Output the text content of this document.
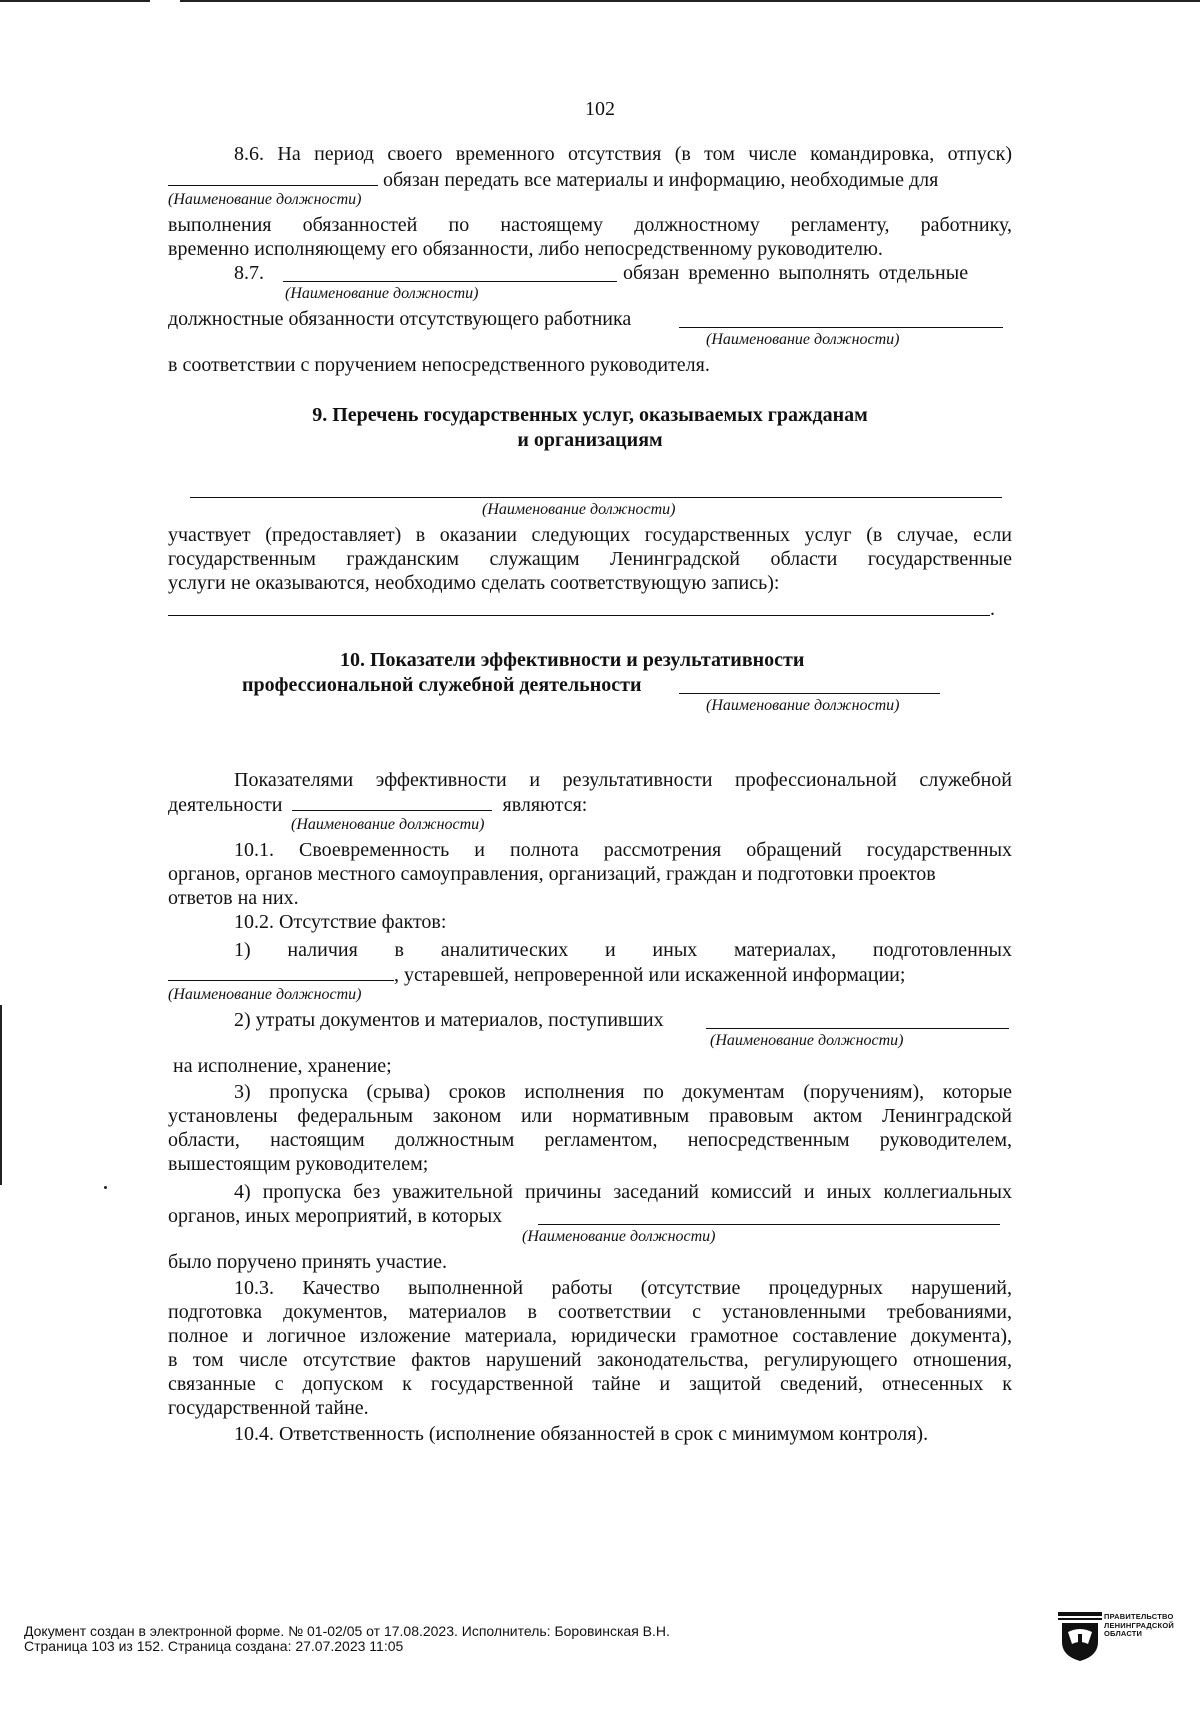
102
8.6. На период своего временного отсутствия (в том числе командировка, отпуск)
обязан передать все материалы и информацию, необходимые для
(Наименование должности)
выполнения обязанностей по настоящему должностному регламенту, работнику,
временно исполняющему его обязанности, либо непосредственному руководителю.
8.7.	обязан временно выполнять отдельные
(Наименование должности)
должностные обязанности отсутствующего работника
(Наименование должности)
в соответствии с поручением непосредственного руководителя.
9. Перечень государственных услуг, оказываемых гражданам
и организациям
(Наименование должности)
участвует (предоставляет) в оказании следующих государственных услуг (в случае, если
государственным гражданским служащим Ленинградской области государственные
услуги не оказываются, необходимо сделать соответствующую запись):
.
10. Показатели эффективности и результативности
профессиональной служебной деятельности
(Наименование должности)
Показателями эффективности и результативности профессиональной служебной
деятельности	являются:
(Наименование должности)
10.1. Своевременность и полнота рассмотрения обращений государственных
органов, органов местного самоуправления, организаций, граждан и подготовки проектов
ответов на них.
10.2. Отсутствие фактов:
1) наличия в аналитических и иных материалах, подготовленных
, устаревшей, непроверенной или искаженной информации;
(Наименование должности)
2) утраты документов и материалов, поступивших
(Наименование должности)
на исполнение, хранение;
3) пропуска (срыва) сроков исполнения по документам (поручениям), которые
установлены федеральным законом или нормативным правовым актом Ленинградской
области, настоящим должностным регламентом, непосредственным руководителем,
вышестоящим руководителем;
4) пропуска без уважительной причины заседаний комиссий и иных коллегиальных
органов, иных мероприятий, в которых
(Наименование должности)
было поручено принять участие.
10.3. Качество выполненной работы (отсутствие процедурных нарушений,
подготовка документов, материалов в соответствии с установленными требованиями,
полное и логичное изложение материала, юридически грамотное составление документа),
в том числе отсутствие фактов нарушений законодательства, регулирующего отношения,
связанные с допуском к государственной тайне и защитой сведений, отнесенных к
государственной тайне.
10.4. Ответственность (исполнение обязанностей в срок с минимумом контроля).
Документ создан в электронной форме. № 01-02/05 от 17.08.2023. Исполнитель: Боровинская В.Н.
Страница 103 из 152. Страница создана: 27.07.2023 11:05
ПРАВИТЕЛЬСТВО
ЛЕНИНГРАДСКОЙ
ОБЛАСТИ
